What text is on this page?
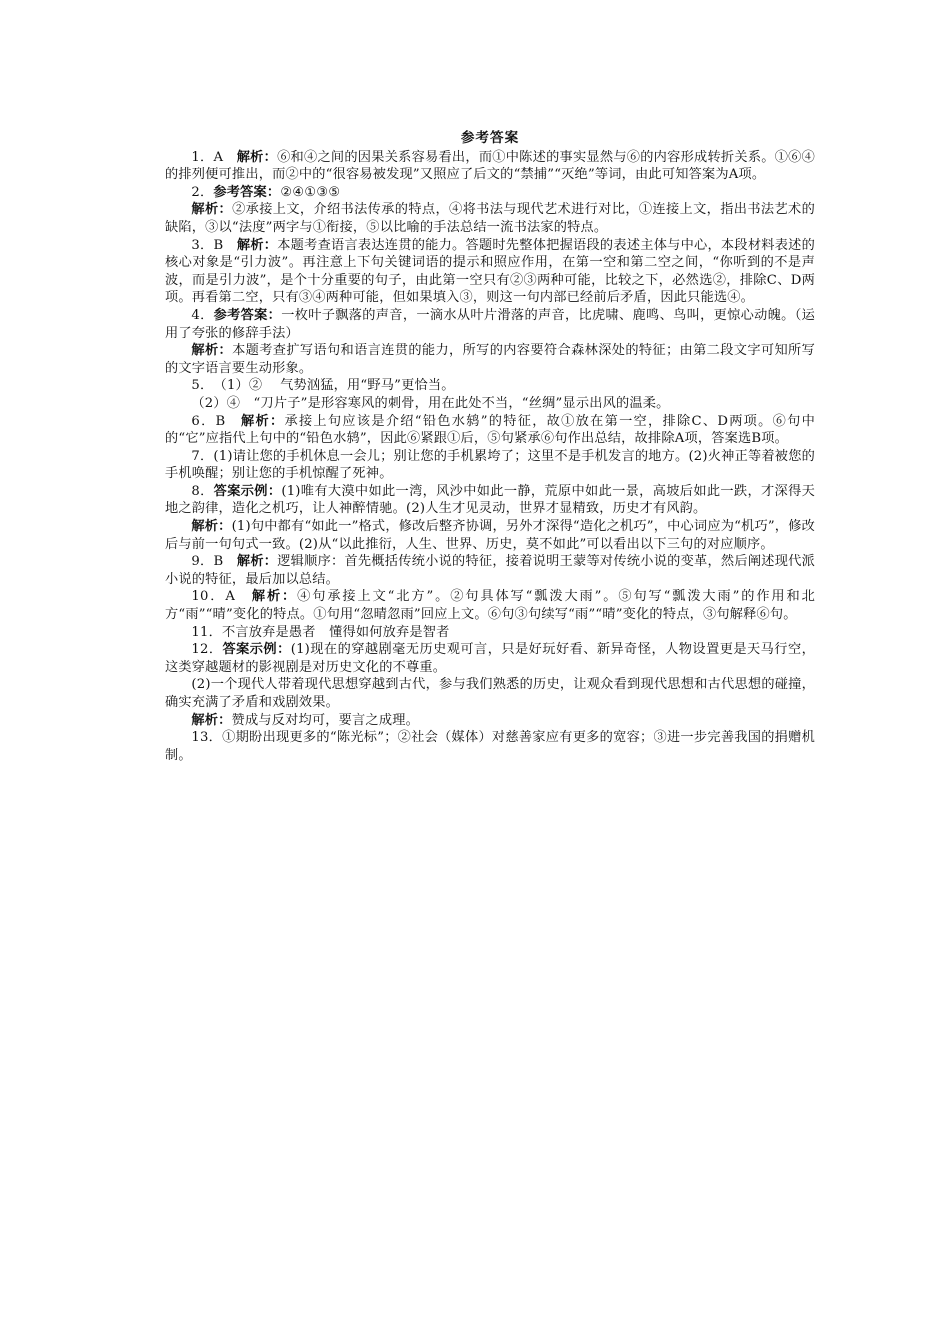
参考答案

1．A　解析：⑥和④之间的因果关系容易看出，而①中陈述的事实显然与⑥的内容形成转折关系。①⑥④的排列便可推出，而②中的“很容易被发现”又照应了后文的“禁捕”“灭绝”等词，由此可知答案为A项。

2．参考答案：②④①③⑤

解析：②承接上文，介绍书法传承的特点，④将书法与现代艺术进行对比，①连接上文，指出书法艺术的缺陷，③以“法度”两字与①衔接，⑤以比喻的手法总结一流书法家的特点。

3．B　解析：本题考查语言表达连贯的能力。答题时先整体把握语段的表述主体与中心，本段材料表述的核心对象是“引力波”。再注意上下句关键词语的提示和照应作用，在第一空和第二空之间，“你听到的不是声波，而是引力波”，是个十分重要的句子，由此第一空只有②③两种可能，比较之下，必然选②，排除C、D两项。再看第二空，只有③④两种可能，但如果填入③，则这一句内部已经前后矛盾，因此只能选④。

4．参考答案：一枚叶子飘落的声音，一滴水从叶片滑落的声音，比虎啸、鹿鸣、鸟叫，更惊心动魄。（运用了夸张的修辞手法）

解析：本题考查扩写语句和语言连贯的能力，所写的内容要符合森林深处的特征；由第二段文字可知所写的文字语言要生动形象。

5．　（1）②　 气势汹猛，用“野马”更恰当。

（2）④　“刀片子”是形容寒风的刺骨，用在此处不当，“丝绸”显示出风的温柔。

6．B　解析：承接上句应该是介绍“铅色水鸫”的特征，故①放在第一空，排除C、D两项。⑥句中的“它”应指代上句中的“铅色水鸫”，因此⑥紧跟①后，⑤句紧承⑥句作出总结，故排除A项，答案选B项。

7．(1)请让您的手机休息一会儿；别让您的手机累垮了；这里不是手机发言的地方。(2)火神正等着被您的手机唤醒；别让您的手机惊醒了死神。

8．答案示例：(1)唯有大漠中如此一湾，风沙中如此一静，荒原中如此一景，高坡后如此一跌，才深得天地之韵律，造化之机巧，让人神醉情驰。(2)人生才见灵动，世界才显精致，历史才有风韵。

解析：(1)句中都有“如此一”格式，修改后整齐协调，另外才深得“造化之机巧”，中心词应为“机巧”，修改后与前一句句式一致。(2)从“以此推衍，人生、世界、历史，莫不如此”可以看出以下三句的对应顺序。

9．B　解析：逻辑顺序：首先概括传统小说的特征，接着说明王蒙等对传统小说的变革，然后阐述现代派小说的特征，最后加以总结。

10．A　解析：④句承接上文“北方”。②句具体写“瓢泼大雨”。⑤句写“瓢泼大雨”的作用和北方“雨”“晴”变化的特点。①句用“忽晴忽雨”回应上文。⑥句③句续写“雨”“晴”变化的特点，③句解释⑥句。

11．不言放弃是愚者　懂得如何放弃是智者

12．答案示例：(1)现在的穿越剧毫无历史观可言，只是好玩好看、新异奇怪，人物设置更是天马行空，这类穿越题材的影视剧是对历史文化的不尊重。

(2)一个现代人带着现代思想穿越到古代，参与我们熟悉的历史，让观众看到现代思想和古代思想的碰撞，确实充满了矛盾和戏剧效果。

解析：赞成与反对均可，要言之成理。

13．①期盼出现更多的“陈光标”；②社会（媒体）对慈善家应有更多的宽容；③进一步完善我国的捐赠机制。
